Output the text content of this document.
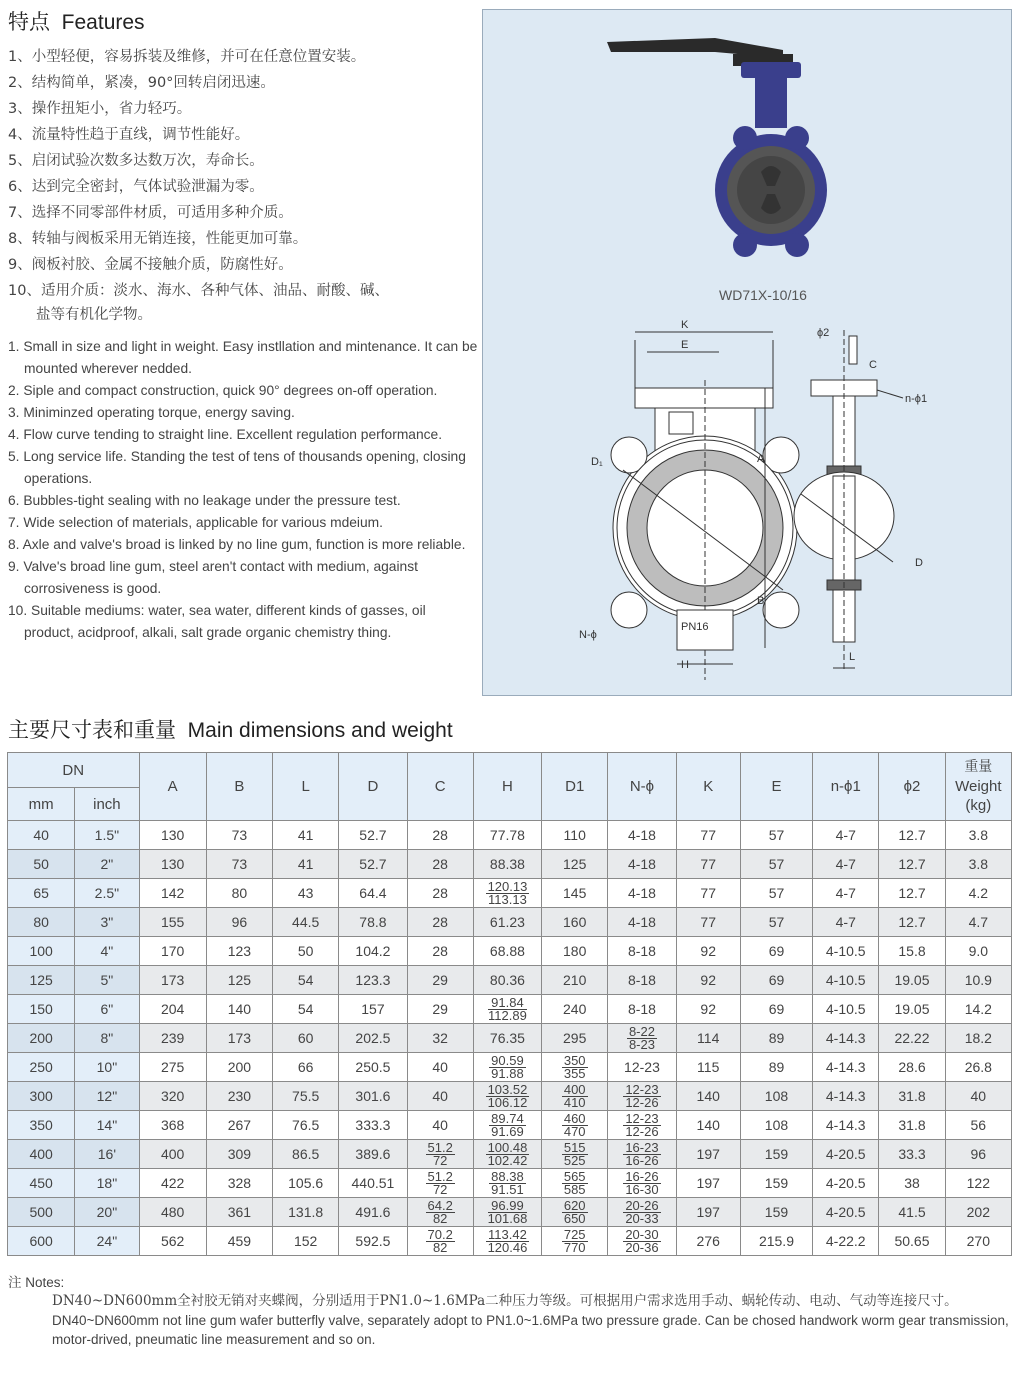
特点 Features
1、小型轻便，容易拆装及维修，并可在任意位置安装。
2、结构简单，紧凑，90°回转启闭迅速。
3、操作扭矩小，省力轻巧。
4、流量特性趋于直线，调节性能好。
5、启闭试验次数多达数万次，寿命长。
6、达到完全密封，气体试验泄漏为零。
7、选择不同零部件材质，可适用多种介质。
8、转轴与阀板采用无销连接，性能更加可靠。
9、阀板衬胶、金属不接触介质，防腐性好。
10、适用介质：淡水、海水、各种气体、油品、耐酸、碱、
盐等有机化学物。
1. Small in size and light in weight. Easy instllation and mintenance. It can be mounted wherever nedded.
2. Siple and compact construction, quick 90° degrees on-off operation.
3. Miniminzed operating torque, energy saving.
4. Flow curve tending to straight line. Excellent regulation performance.
5. Long service life. Standing the test of tens of thousands opening, closing operations.
6. Bubbles-tight sealing with no leakage under the pressure test.
7. Wide selection of materials, applicable for various mdeium.
8. Axle and valve's broad is linked by no line gum, function is more reliable.
9. Valve's broad line gum, steel aren't contact with medium, against corrosiveness is good.
10. Suitable mediums: water, sea water, different kinds of gasses, oil product, acidproof, alkali, salt grade organic chemistry thing.
WD71X-10/16
K
E
A
B
H
D₁
N-ϕ
PN16
ϕ2
C
n-ϕ1
D
L
主要尺寸表和重量 Main dimensions and weight
DN		A	B	L	D	C	H	D1	N-ϕ	K	E	n-ϕ1	ϕ2	重量
Weight
(kg)

mm	inch													
40	1.5"	130	73	41	52.7	28	77.78	110	4-18	77	57	4-7	12.7	3.8
50	2"	130	73	41	52.7	28	88.38	125	4-18	77	57	4-7	12.7	3.8
65	2.5"	142	80	43	64.4	28	$\frac{120.13}{113.13}$	145	4-18	77	57	4-7	12.7	4.2
80	3"	155	96	44.5	78.8	28	61.23	160	4-18	77	57	4-7	12.7	4.7
100	4"	170	123	50	104.2	28	68.88	180	8-18	92	69	4-10.5	15.8	9.0
125	5"	173	125	54	123.3	29	80.36	210	8-18	92	69	4-10.5	19.05	10.9
150	6"	204	140	54	157	29	$\frac{91.84}{112.89}$	240	8-18	92	69	4-10.5	19.05	14.2
200	8"	239	173	60	202.5	32	76.35	295	$\frac{8-22}{8-23}$	114	89	4-14.3	22.22	18.2
250	10"	275	200	66	250.5	40	$\frac{90.59}{91.88}$	$\frac{350}{355}$	12-23	115	89	4-14.3	28.6	26.8
300	12"	320	230	75.5	301.6	40	$\frac{103.52}{106.12}$	$\frac{400}{410}$	$\frac{12-23}{12-26}$	140	108	4-14.3	31.8	40
350	14"	368	267	76.5	333.3	40	$\frac{89.74}{91.69}$	$\frac{460}{470}$	$\frac{12-23}{12-26}$	140	108	4-14.3	31.8	56
400	16'	400	309	86.5	389.6	$\frac{51.2}{72}$	$\frac{100.48}{102.42}$	$\frac{515}{525}$	$\frac{16-23}{16-26}$	197	159	4-20.5	33.3	96
450	18"	422	328	105.6	440.51	$\frac{51.2}{72}$	$\frac{88.38}{91.51}$	$\frac{565}{585}$	$\frac{16-26}{16-30}$	197	159	4-20.5	38	122
500	20"	480	361	131.8	491.6	$\frac{64.2}{82}$	$\frac{96.99}{101.68}$	$\frac{620}{650}$	$\frac{20-26}{20-33}$	197	159	4-20.5	41.5	202
600	24"	562	459	152	592.5	$\frac{70.2}{82}$	$\frac{113.42}{120.46}$	$\frac{725}{770}$	$\frac{20-30}{20-36}$	276	215.9	4-22.2	50.65	270
注 Notes:
DN40~DN600mm全衬胶无销对夹蝶阀，分别适用于PN1.0~1.6MPa二种压力等级。可根据用户需求选用手动、蜗轮传动、电动、气动等连接尺寸。
DN40~DN600mm not line gum wafer butterfly valve, separately adopt to PN1.0~1.6MPa two pressure grade. Can be chosed handwork worm gear transmission, motor-drived, pneumatic line measurement and so on.
